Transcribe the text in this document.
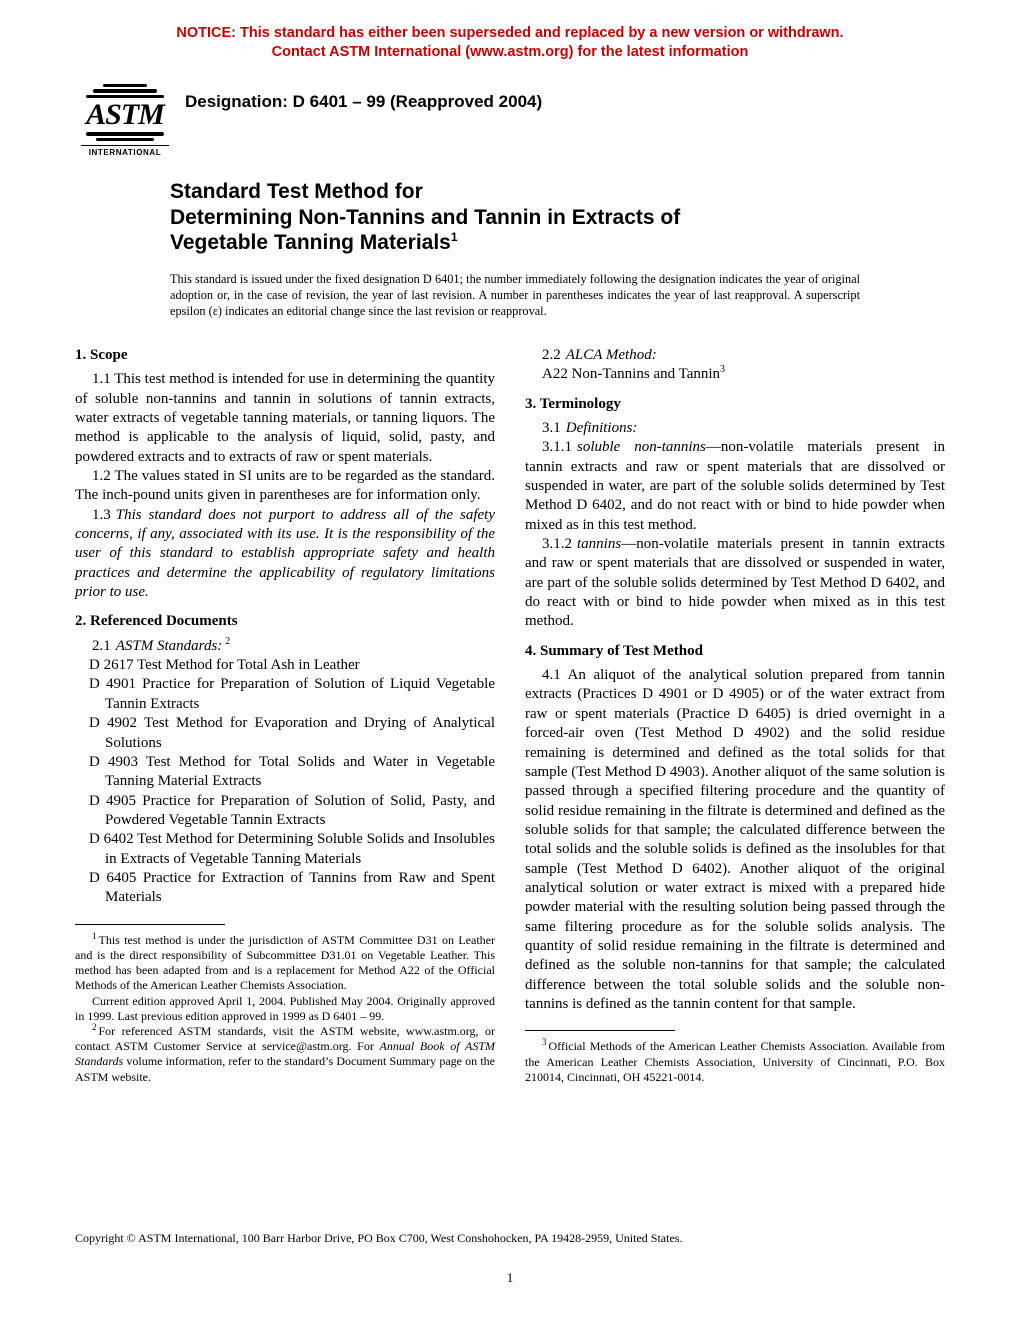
NOTICE: This standard has either been superseded and replaced by a new version or withdrawn.
Contact ASTM International (www.astm.org) for the latest information
ASTM
INTERNATIONAL
Designation: D 6401 – 99 (Reapproved 2004)
Standard Test Method for
Determining Non-Tannins and Tannin in Extracts of
Vegetable Tanning Materials$^1$

This standard is issued under the fixed designation D 6401; the number immediately following the designation indicates the year of original adoption or, in the case of revision, the year of last revision. A number in parentheses indicates the year of last reapproval. A superscript epsilon (ε) indicates an editorial change since the last revision or reapproval.

1. Scope

1.1 This test method is intended for use in determining the quantity of soluble non-tannins and tannin in solutions of tannin extracts, water extracts of vegetable tanning materials, or tanning liquors. The method is applicable to the analysis of liquid, solid, pasty, and powdered extracts and to extracts of raw or spent materials.

1.2 The values stated in SI units are to be regarded as the standard. The inch-pound units given in parentheses are for information only.

1.3 This standard does not purport to address all of the safety concerns, if any, associated with its use. It is the responsibility of the user of this standard to establish appropriate safety and health practices and determine the applicability of regulatory limitations prior to use.

2. Referenced Documents

2.1 ASTM Standards: $^2$

D 2617 Test Method for Total Ash in Leather
D 4901 Practice for Preparation of Solution of Liquid Vegetable Tannin Extracts
D 4902 Test Method for Evaporation and Drying of Analytical Solutions
D 4903 Test Method for Total Solids and Water in Vegetable Tanning Material Extracts
D 4905 Practice for Preparation of Solution of Solid, Pasty, and Powdered Vegetable Tannin Extracts
D 6402 Test Method for Determining Soluble Solids and Insolubles in Extracts of Vegetable Tanning Materials
D 6405 Practice for Extraction of Tannins from Raw and Spent Materials

$^1$ This test method is under the jurisdiction of ASTM Committee D31 on Leather and is the direct responsibility of Subcommittee D31.01 on Vegetable Leather. This method has been adapted from and is a replacement for Method A22 of the Official Methods of the American Leather Chemists Association.

Current edition approved April 1, 2004. Published May 2004. Originally approved in 1999. Last previous edition approved in 1999 as D 6401 – 99.

$^2$ For referenced ASTM standards, visit the ASTM website, www.astm.org, or contact ASTM Customer Service at service@astm.org. For Annual Book of ASTM Standards volume information, refer to the standard’s Document Summary page on the ASTM website.

2.2 ALCA Method:

A22 Non-Tannins and Tannin$^3$

3. Terminology

3.1 Definitions:

3.1.1 soluble non-tannins—non-volatile materials present in tannin extracts and raw or spent materials that are dissolved or suspended in water, are part of the soluble solids determined by Test Method D 6402, and do not react with or bind to hide powder when mixed as in this test method.

3.1.2 tannins—non-volatile materials present in tannin extracts and raw or spent materials that are dissolved or suspended in water, are part of the soluble solids determined by Test Method D 6402, and do react with or bind to hide powder when mixed as in this test method.

4. Summary of Test Method

4.1 An aliquot of the analytical solution prepared from tannin extracts (Practices D 4901 or D 4905) or of the water extract from raw or spent materials (Practice D 6405) is dried overnight in a forced-air oven (Test Method D 4902) and the solid residue remaining is determined and defined as the total solids for that sample (Test Method D 4903). Another aliquot of the same solution is passed through a specified filtering procedure and the quantity of solid residue remaining in the filtrate is determined and defined as the soluble solids for that sample; the calculated difference between the total solids and the soluble solids is defined as the insolubles for that sample (Test Method D 6402). Another aliquot of the original analytical solution or water extract is mixed with a prepared hide powder material with the resulting solution being passed through the same filtering procedure as for the soluble solids analysis. The quantity of solid residue remaining in the filtrate is determined and defined as the soluble non-tannins for that sample; the calculated difference between the total soluble solids and the soluble non-tannins is defined as the tannin content for that sample.

$^3$ Official Methods of the American Leather Chemists Association. Available from the American Leather Chemists Association, University of Cincinnati, P.O. Box 210014, Cincinnati, OH 45221-0014.

Copyright © ASTM International, 100 Barr Harbor Drive, PO Box C700, West Conshohocken, PA 19428-2959, United States.
1
